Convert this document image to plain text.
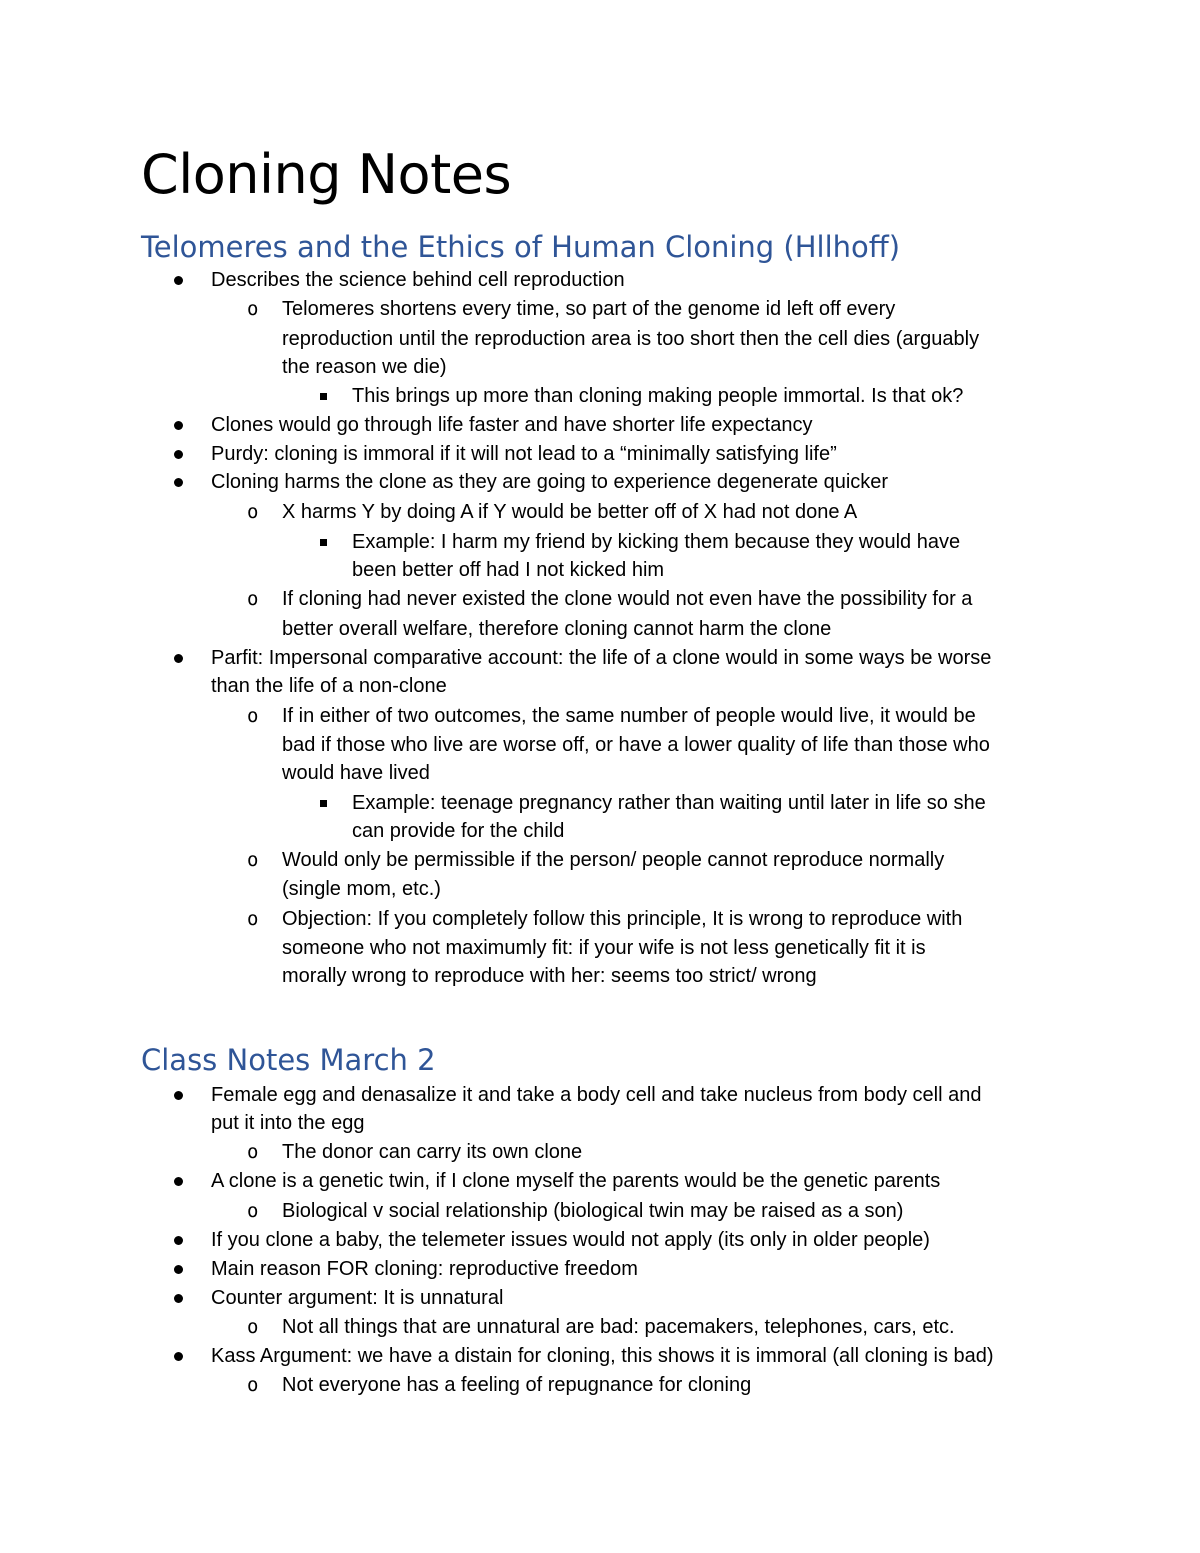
Cloning Notes
Telomeres and the Ethics of Human Cloning (Hllhoff)
Describes the science behind cell reproduction
o Telomeres shortens every time, so part of the genome id left off every
reproduction until the reproduction area is too short then the cell dies (arguably
the reason we die)
This brings up more than cloning making people immortal. Is that ok?
Clones would go through life faster and have shorter life expectancy
Purdy: cloning is immoral if it will not lead to a “minimally satisfying life”
Cloning harms the clone as they are going to experience degenerate quicker
o X harms Y by doing A if Y would be better off of X had not done A
Example: I harm my friend by kicking them because they would have
been better off had I not kicked him
o If cloning had never existed the clone would not even have the possibility for a
better overall welfare, therefore cloning cannot harm the clone
Parfit: Impersonal comparative account: the life of a clone would in some ways be worse
than the life of a non-clone
o If in either of two outcomes, the same number of people would live, it would be
bad if those who live are worse off, or have a lower quality of life than those who
would have lived
Example: teenage pregnancy rather than waiting until later in life so she
can provide for the child
o Would only be permissible if the person/ people cannot reproduce normally
(single mom, etc.)
o Objection: If you completely follow this principle, It is wrong to reproduce with
someone who not maximumly fit: if your wife is not less genetically fit it is
morally wrong to reproduce with her: seems too strict/ wrong
Class Notes March 2
Female egg and denasalize it and take a body cell and take nucleus from body cell and
put it into the egg
o The donor can carry its own clone
A clone is a genetic twin, if I clone myself the parents would be the genetic parents
o Biological v social relationship (biological twin may be raised as a son)
If you clone a baby, the telemeter issues would not apply (its only in older people)
Main reason FOR cloning: reproductive freedom
Counter argument: It is unnatural
o Not all things that are unnatural are bad: pacemakers, telephones, cars, etc.
Kass Argument: we have a distain for cloning, this shows it is immoral (all cloning is bad)
o Not everyone has a feeling of repugnance for cloning
